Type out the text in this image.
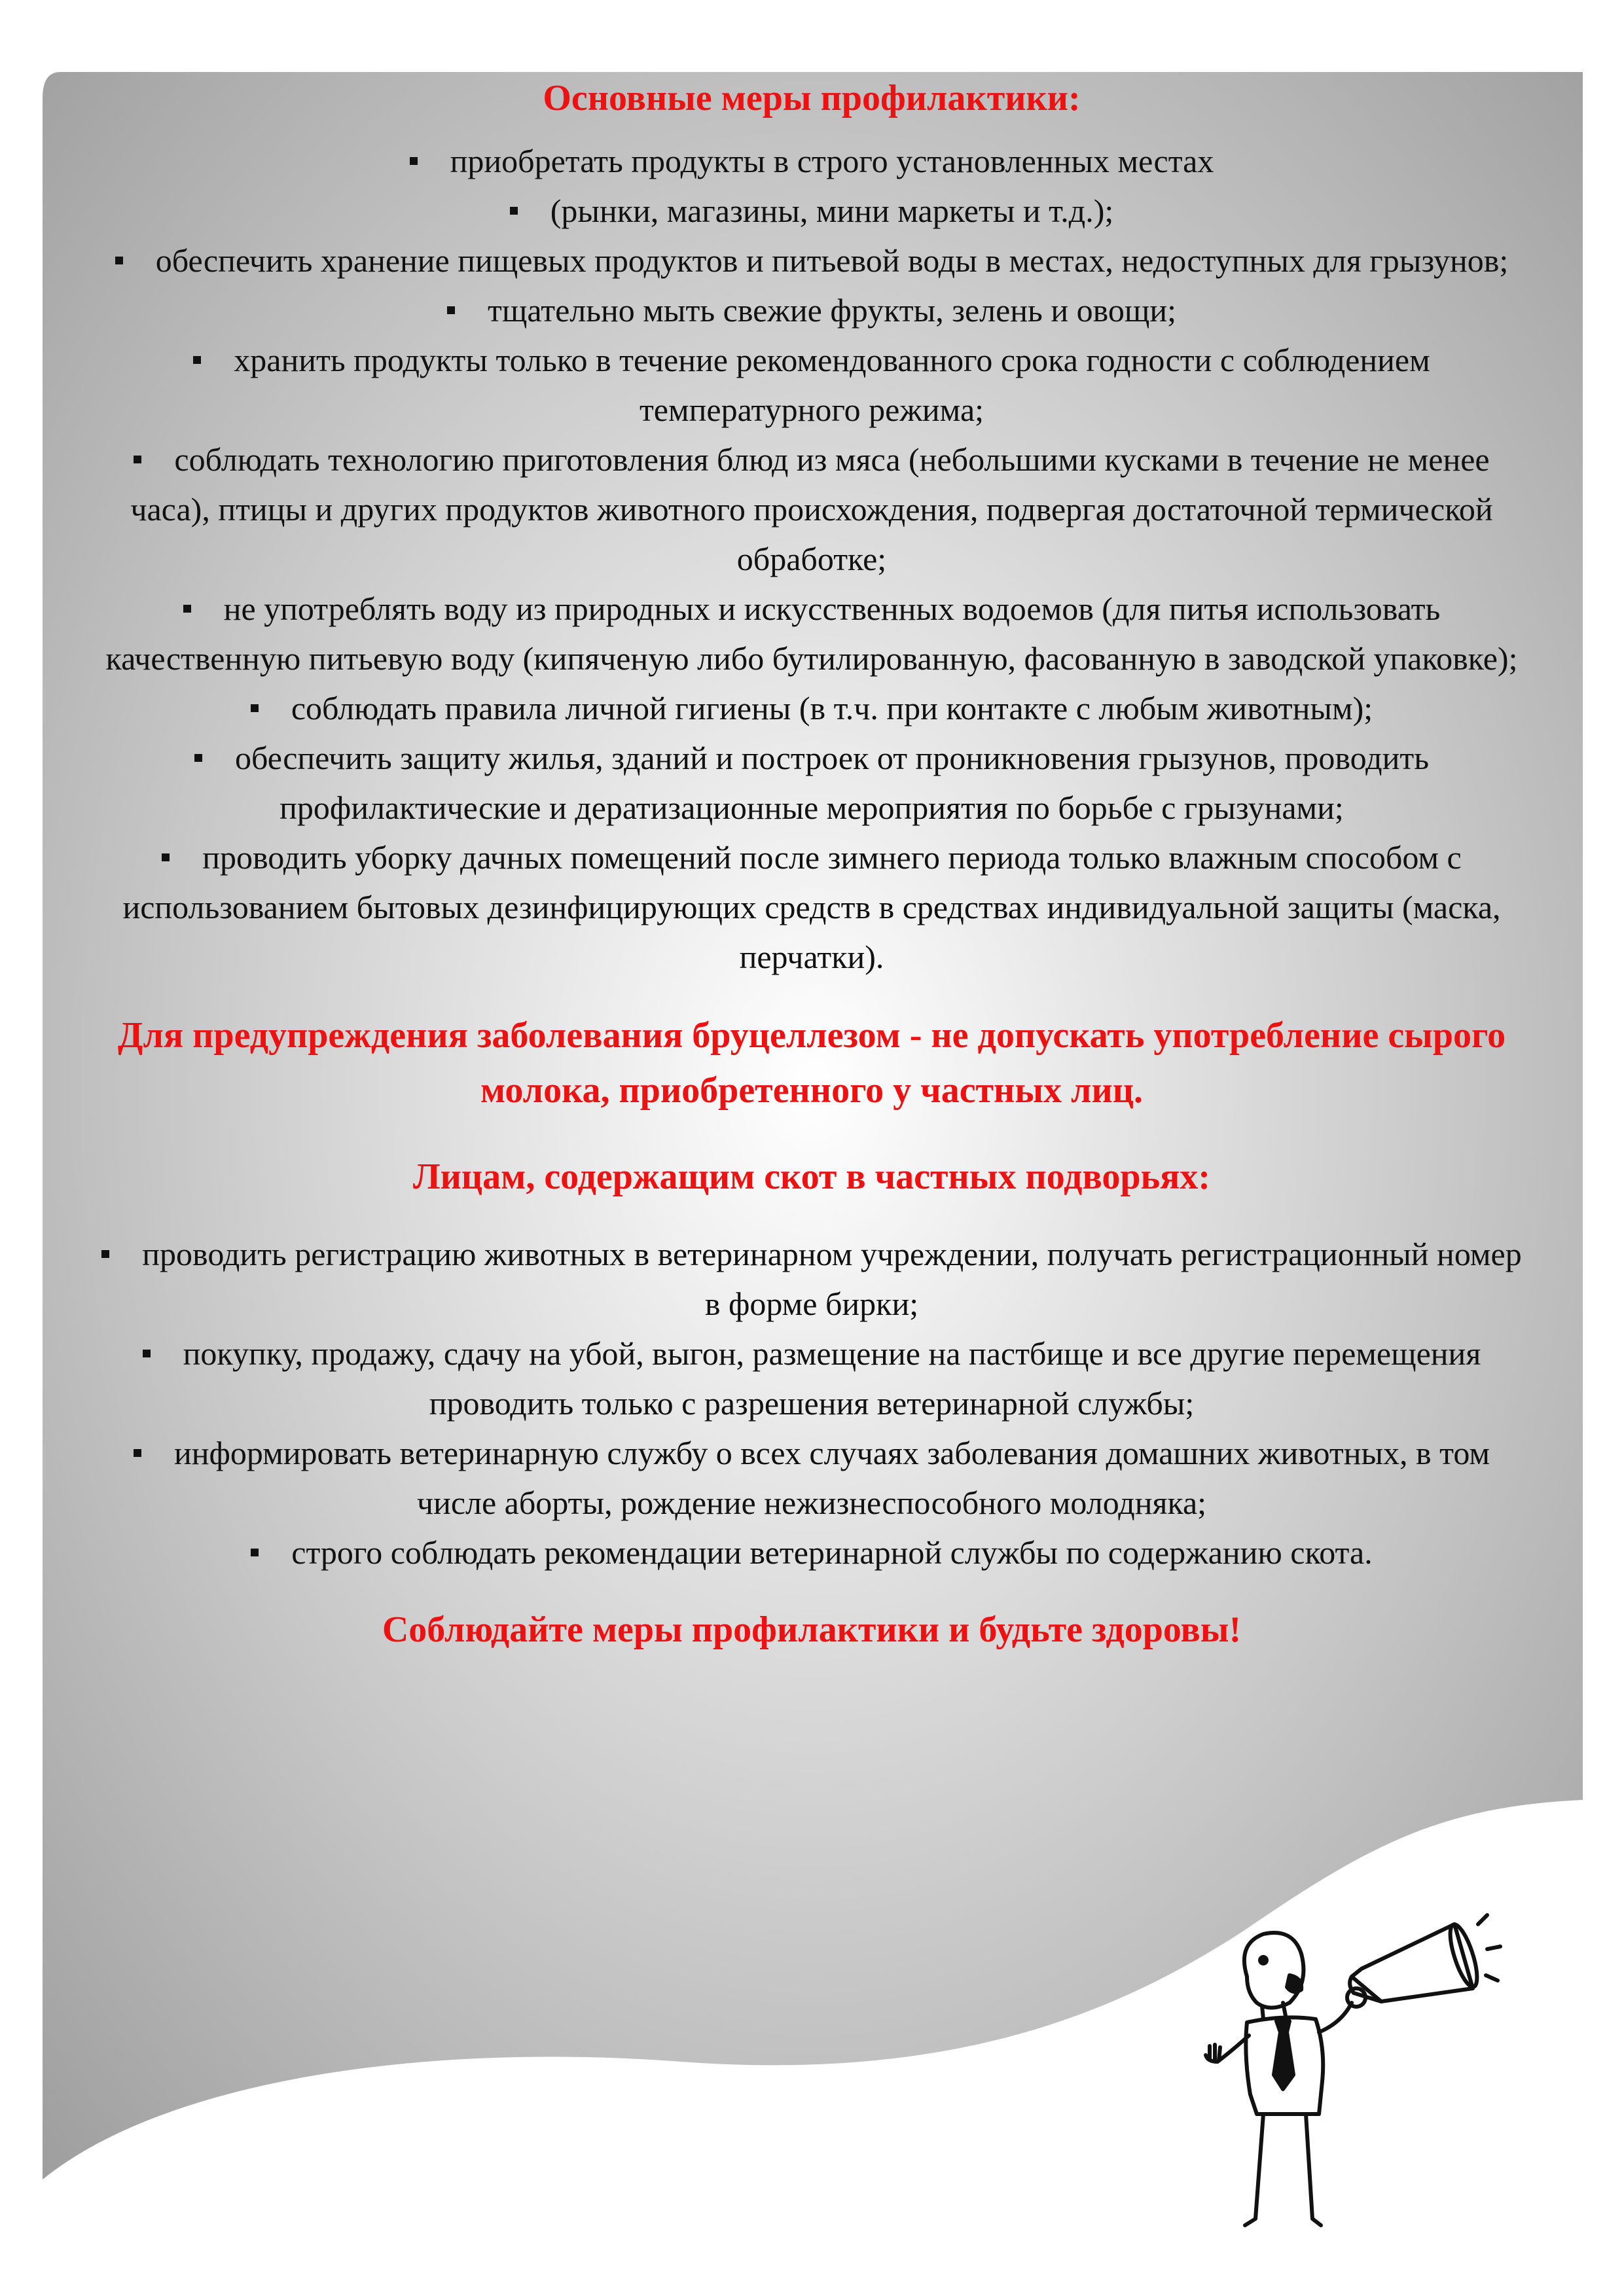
Основные меры профилактики:
приобретать продукты в строго установленных местах
(рынки, магазины, мини маркеты и т.д.);
обеспечить хранение пищевых продуктов и питьевой воды в местах, недоступных для грызунов;
тщательно мыть свежие фрукты, зелень и овощи;
хранить продукты только в течение рекомендованного срока годности с соблюдением температурного режима;
соблюдать технологию приготовления блюд из мяса (небольшими кусками в течение не менее часа), птицы и других продуктов животного происхождения, подвергая достаточной термической обработке;
не употреблять воду из природных и искусственных водоемов (для питья использовать качественную питьевую воду (кипяченую либо бутилированную, фасованную в заводской упаковке);
соблюдать правила личной гигиены (в т.ч. при контакте с любым животным);
обеспечить защиту жилья, зданий и построек от проникновения грызунов, проводить профилактические и дератизационные мероприятия по борьбе с грызунами;
проводить уборку дачных помещений после зимнего периода только влажным способом с использованием бытовых дезинфицирующих средств в средствах индивидуальной защиты (маска, перчатки).

Для предупреждения заболевания бруцеллезом - не допускать употребление сырого молока, приобретенного у частных лиц.

Лицам, содержащим скот в частных подворьях:
проводить регистрацию животных в ветеринарном учреждении, получать регистрационный номер в форме бирки;
покупку, продажу, сдачу на убой, выгон, размещение на пастбище и все другие перемещения проводить только с разрешения ветеринарной службы;
информировать ветеринарную службу о всех случаях заболевания домашних животных, в том числе аборты, рождение нежизнеспособного молодняка;
строго соблюдать рекомендации ветеринарной службы по содержанию скота.

Соблюдайте меры профилактики и будьте здоровы!
